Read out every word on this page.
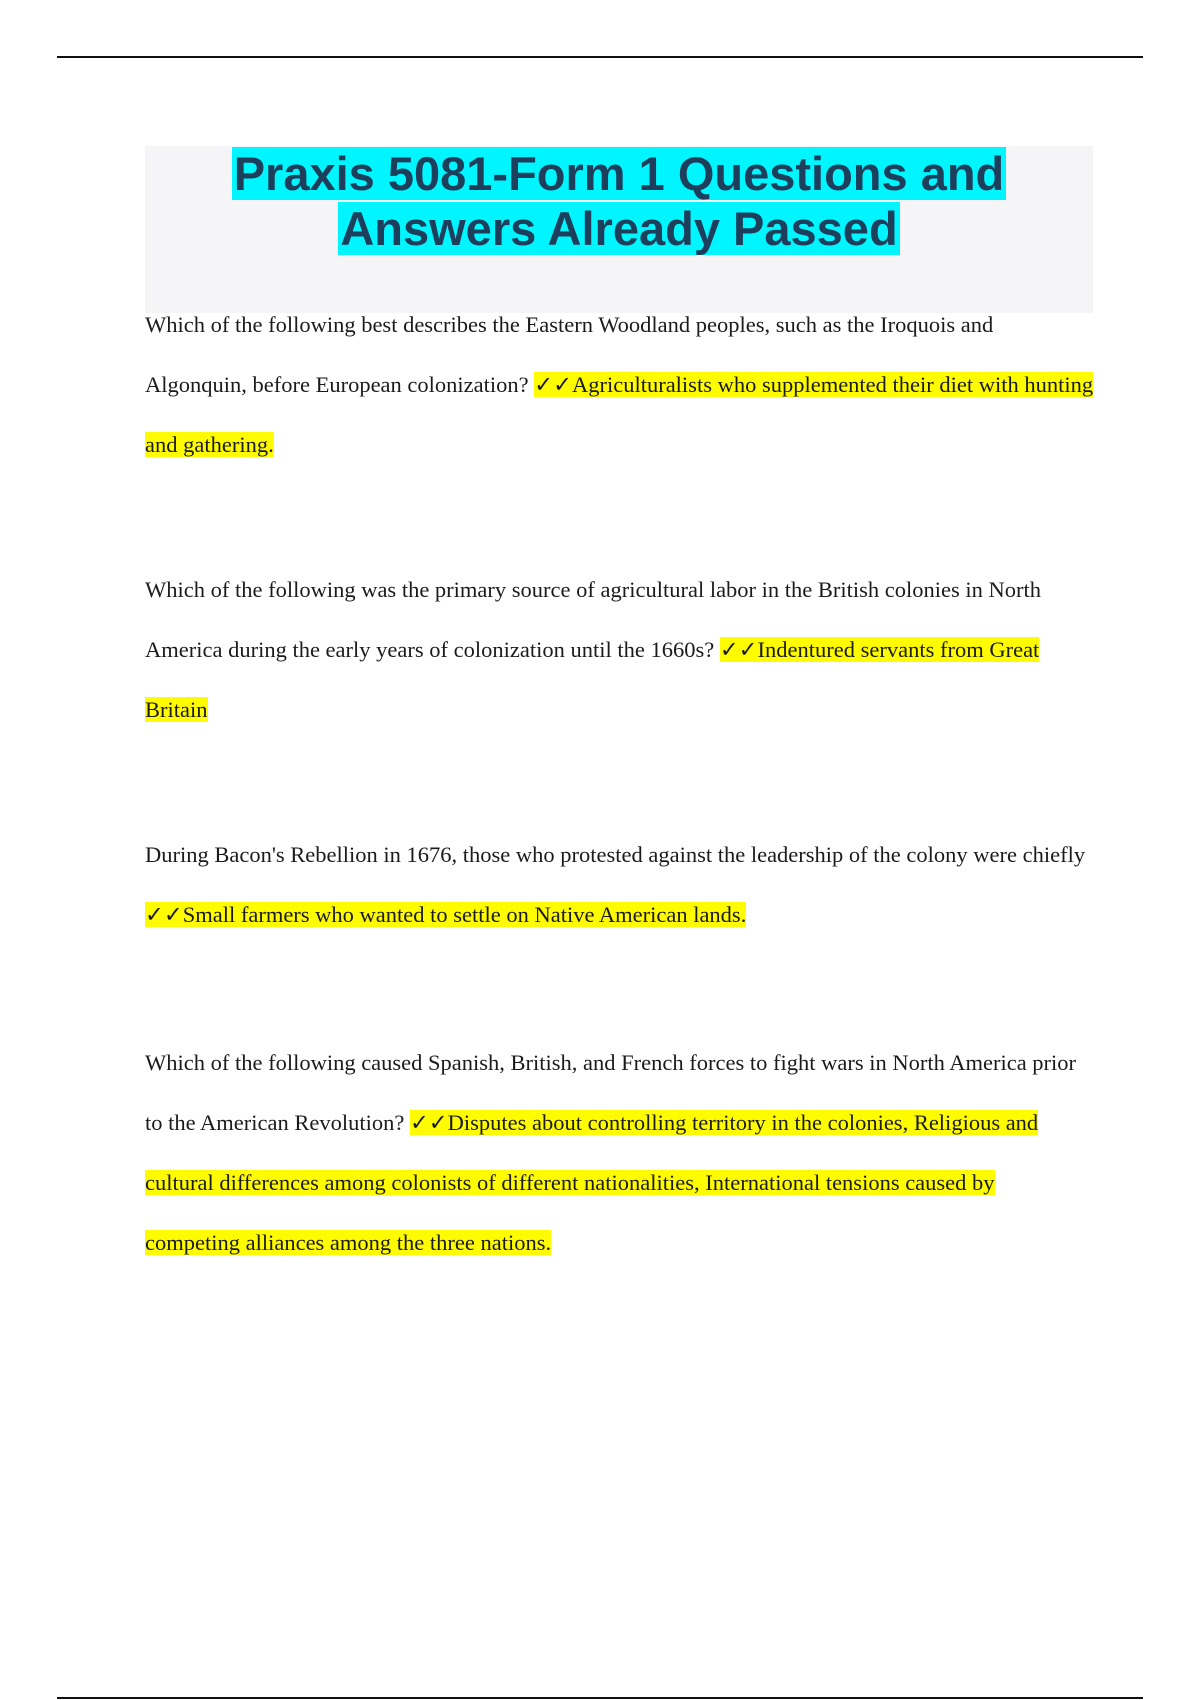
Praxis 5081-Form 1 Questions and
Answers Already Passed

Which of the following best describes the Eastern Woodland peoples, such as the Iroquois and Algonquin, before European colonization? ✓✓Agriculturalists who supplemented their diet with hunting and gathering.

Which of the following was the primary source of agricultural labor in the British colonies in North America during the early years of colonization until the 1660s? ✓✓Indentured servants from Great Britain

During Bacon's Rebellion in 1676, those who protested against the leadership of the colony were chiefly ✓✓Small farmers who wanted to settle on Native American lands.

Which of the following caused Spanish, British, and French forces to fight wars in North America prior to the American Revolution? ✓✓Disputes about controlling territory in the colonies, Religious and cultural differences among colonists of different nationalities, International tensions caused by competing alliances among the three nations.
